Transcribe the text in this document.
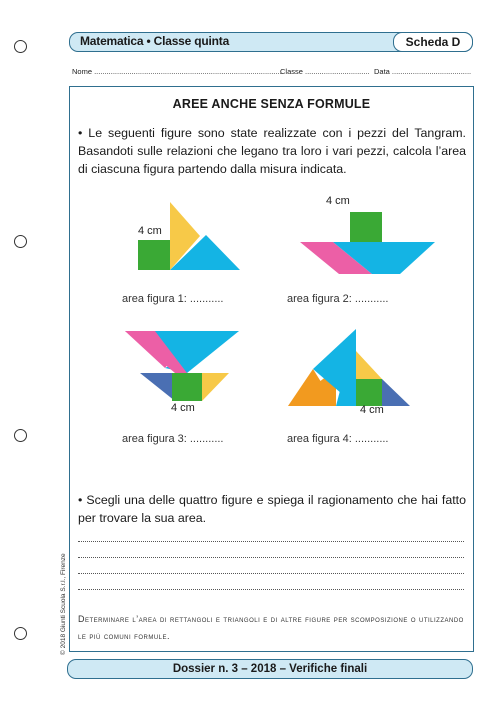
Matematica • Classe quinta	Scheda D
Nome ..........................................................................................
Classe ............................... Data ......................................
AREE ANCHE SENZA FORMULE
• Le seguenti figure sono state realizzate con i pezzi del Tangram. Basandoti sulle relazioni che legano tra loro i vari pezzi, calcola l’area di ciascuna figura partendo dalla misura indicata.
4 cm
area figura 1: ...........
4 cm
area figura 2: ...........
4 cm
area figura 3: ...........
4 cm
area figura 4: ...........
• Scegli una delle quattro figure e spiega il ragionamento che hai fatto per trovare la sua area.
Determinare l’area di rettangoli e triangoli e di altre figure per scomposizione o utilizzando le più comuni formule.
© 2018 Giunti Scuola S.r.l., Firenze
Dossier n. 3 – 2018 – Verifiche finali
